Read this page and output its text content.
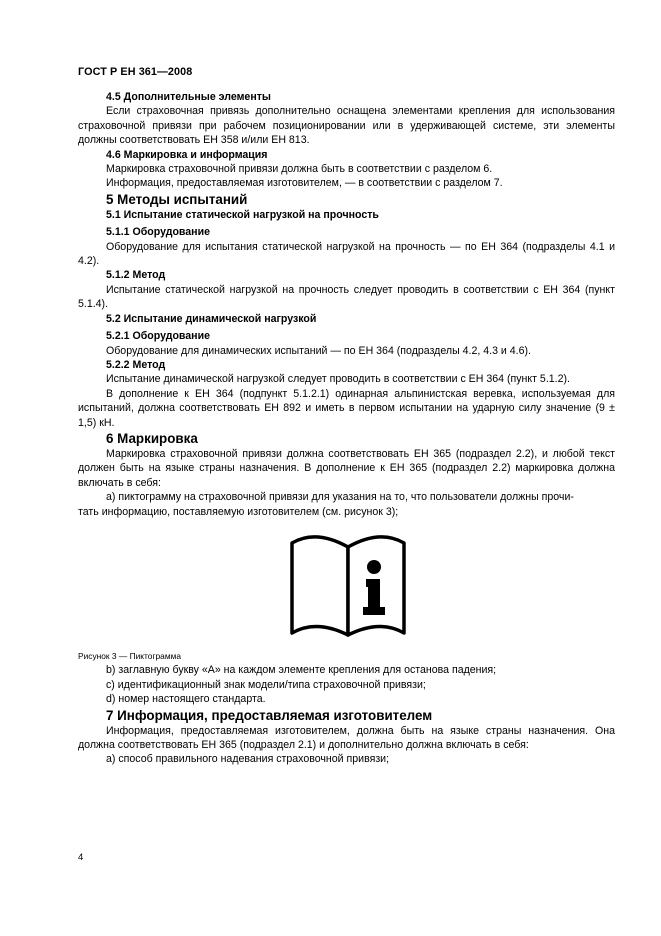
ГОСТ Р ЕН 361—2008

4.5 Дополнительные элементы

Если страховочная привязь дополнительно оснащена элементами крепления для использования страховочной привязи при рабочем позиционировании или в удерживающей системе, эти элементы должны соответствовать ЕН 358 и/или ЕН 813.

4.6 Маркировка и информация

Маркировка страховочной привязи должна быть в соответствии с разделом 6.

Информация, предоставляемая изготовителем, — в соответствии с разделом 7.

5 Методы испытаний

5.1 Испытание статической нагрузкой на прочность

5.1.1 Оборудование

Оборудование для испытания статической нагрузкой на прочность — по ЕН 364 (подразделы 4.1 и 4.2).

5.1.2 Метод

Испытание статической нагрузкой на прочность следует проводить в соответствии с ЕН 364 (пункт 5.1.4).

5.2 Испытание динамической нагрузкой

5.2.1 Оборудование

Оборудование для динамических испытаний — по ЕН 364 (подразделы 4.2, 4.3 и 4.6).

5.2.2 Метод

Испытание динамической нагрузкой следует проводить в соответствии с ЕН 364 (пункт 5.1.2).

В дополнение к ЕН 364 (подпункт 5.1.2.1) одинарная альпинистская веревка, используемая для испытаний, должна соответствовать ЕН 892 и иметь в первом испытании на ударную силу значение (9 ± 1,5) кН.

6 Маркировка

Маркировка страховочной привязи должна соответствовать ЕН 365 (подраздел 2.2), и любой текст должен быть на языке страны назначения. В дополнение к ЕН 365 (подраздел 2.2) маркировка должна включать в себя:

а) пиктограмму на страховочной привязи для указания на то, что пользователи должны прочи-

тать информацию, поставляемую изготовителем (см. рисунок 3);

Рисунок 3 — Пиктограмма

b) заглавную букву «А» на каждом элементе крепления для останова падения;

c) идентификационный знак модели/типа страховочной привязи;

d) номер настоящего стандарта.

7 Информация, предоставляемая изготовителем

Информация, предоставляемая изготовителем, должна быть на языке страны назначения. Она должна соответствовать ЕН 365 (подраздел 2.1) и дополнительно должна включать в себя:

а) способ правильного надевания страховочной привязи;

4
